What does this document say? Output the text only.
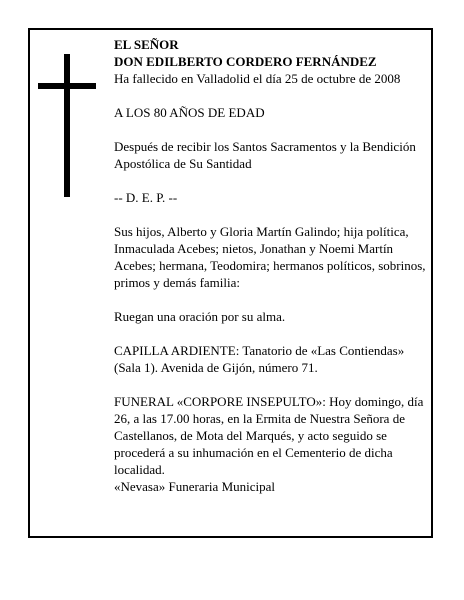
EL SEÑOR

DON EDILBERTO CORDERO FERNÁNDEZ

Ha fallecido en Valladolid el día 25 de octubre de 2008

A LOS 80 AÑOS DE EDAD

Después de recibir los Santos Sacramentos y la Bendición Apostólica de Su Santidad

-- D. E. P. --

Sus hijos, Alberto y Gloria Martín Galindo; hija política, Inmaculada Acebes; nietos, Jonathan y Noemi Martín Acebes; hermana, Teodomira; hermanos políticos, sobrinos, primos y demás familia:

Ruegan una oración por su alma.

CAPILLA ARDIENTE: Tanatorio de «Las Contiendas» (Sala 1). Avenida de Gijón, número 71.

FUNERAL «CORPORE INSEPULTO»: Hoy domingo, día 26, a las 17.00 horas, en la Ermita de Nuestra Señora de Castellanos, de Mota del Marqués, y acto seguido se procederá a su inhumación en el Cementerio de dicha localidad.

«Nevasa» Funeraria Municipal
